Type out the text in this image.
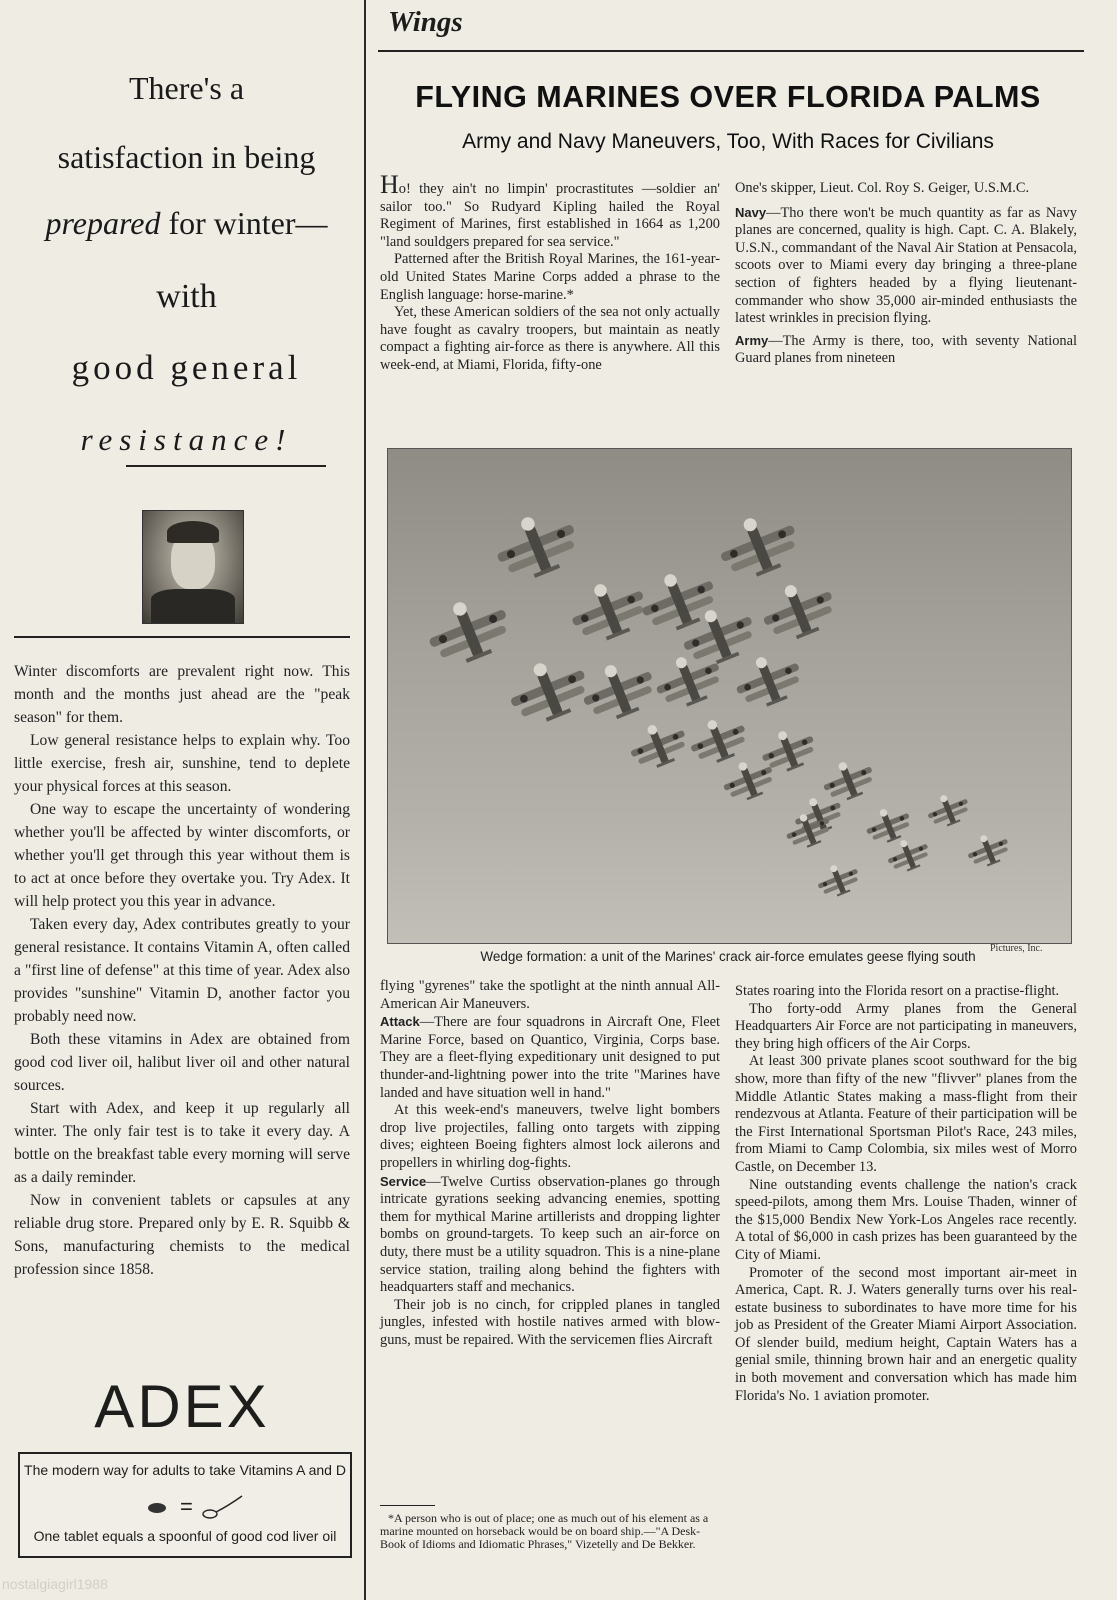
There's a
satisfaction in being
prepared for winter—
with
good general
resistance!

Winter discomforts are prevalent right now. This month and the months just ahead are the "peak season" for them.

Low general resistance helps to explain why. Too little exercise, fresh air, sunshine, tend to deplete your physical forces at this season.

One way to escape the uncertainty of wondering whether you'll be affected by winter discomforts, or whether you'll get through this year without them is to act at once before they overtake you. Try Adex. It will help protect you this year in advance.

Taken every day, Adex contributes greatly to your general resistance. It contains Vitamin A, often called a "first line of defense" at this time of year. Adex also provides "sunshine" Vitamin D, another factor you probably need now.

Both these vitamins in Adex are obtained from good cod liver oil, halibut liver oil and other natural sources.

Start with Adex, and keep it up regularly all winter. The only fair test is to take it every day. A bottle on the breakfast table every morning will serve as a daily reminder.

Now in convenient tablets or capsules at any reliable drug store. Prepared only by E. R. Squibb & Sons, manufacturing chemists to the medical profession since 1858.

ADEX
The modern way for adults to take Vitamins A and D
=
One tablet equals a spoonful of good cod liver oil
Wings
FLYING MARINES OVER FLORIDA PALMS
Army and Navy Maneuvers, Too, With Races for Civilians

Ho! they ain't no limpin' procrastitutes —soldier an' sailor too." So Rudyard Kipling hailed the Royal Regiment of Marines, first established in 1664 as 1,200 "land souldgers prepared for sea service."

Patterned after the British Royal Marines, the 161-year-old United States Marine Corps added a phrase to the English language: horse-marine.*

Yet, these American soldiers of the sea not only actually have fought as cavalry troopers, but maintain as neatly compact a fighting air-force as there is anywhere. All this week-end, at Miami, Florida, fifty-one

One's skipper, Lieut. Col. Roy S. Geiger, U.S.M.C.

Navy—Tho there won't be much quantity as far as Navy planes are concerned, quality is high. Capt. C. A. Blakely, U.S.N., commandant of the Naval Air Station at Pensacola, scoots over to Miami every day bringing a three-plane section of fighters headed by a flying lieutenant-commander who show 35,000 air-minded enthusiasts the latest wrinkles in precision flying.

Army—The Army is there, too, with seventy National Guard planes from nineteen

Pictures, Inc.
Wedge formation: a unit of the Marines' crack air-force emulates geese flying south

flying "gyrenes" take the spotlight at the ninth annual All-American Air Maneuvers.

Attack—There are four squadrons in Aircraft One, Fleet Marine Force, based on Quantico, Virginia, Corps base. They are a fleet-flying expeditionary unit designed to put thunder-and-lightning power into the trite "Marines have landed and have situation well in hand."

At this week-end's maneuvers, twelve light bombers drop live projectiles, falling onto targets with zipping dives; eighteen Boeing fighters almost lock ailerons and propellers in whirling dog-fights.

Service—Twelve Curtiss observation-planes go through intricate gyrations seeking advancing enemies, spotting them for mythical Marine artillerists and dropping lighter bombs on ground-targets. To keep such an air-force on duty, there must be a utility squadron. This is a nine-plane service station, trailing along behind the fighters with headquarters staff and mechanics.

Their job is no cinch, for crippled planes in tangled jungles, infested with hostile natives armed with blow-guns, must be repaired. With the servicemen flies Aircraft

States roaring into the Florida resort on a practise-flight.

Tho forty-odd Army planes from the General Headquarters Air Force are not participating in maneuvers, they bring high officers of the Air Corps.

At least 300 private planes scoot southward for the big show, more than fifty of the new "flivver" planes from the Middle Atlantic States making a mass-flight from their rendezvous at Atlanta. Feature of their participation will be the First International Sportsman Pilot's Race, 243 miles, from Miami to Camp Colombia, six miles west of Morro Castle, on December 13.

Nine outstanding events challenge the nation's crack speed-pilots, among them Mrs. Louise Thaden, winner of the $15,000 Bendix New York-Los Angeles race recently. A total of $6,000 in cash prizes has been guaranteed by the City of Miami.

Promoter of the second most important air-meet in America, Capt. R. J. Waters generally turns over his real-estate business to subordinates to have more time for his job as President of the Greater Miami Airport Association. Of slender build, medium height, Captain Waters has a genial smile, thinning brown hair and an energetic quality in both movement and conversation which has made him Florida's No. 1 aviation promoter.

*A person who is out of place; one as much out of his element as a marine mounted on horseback would be on board ship.—"A Desk-Book of Idioms and Idiomatic Phrases," Vizetelly and De Bekker.

nostalgiagirl1988
